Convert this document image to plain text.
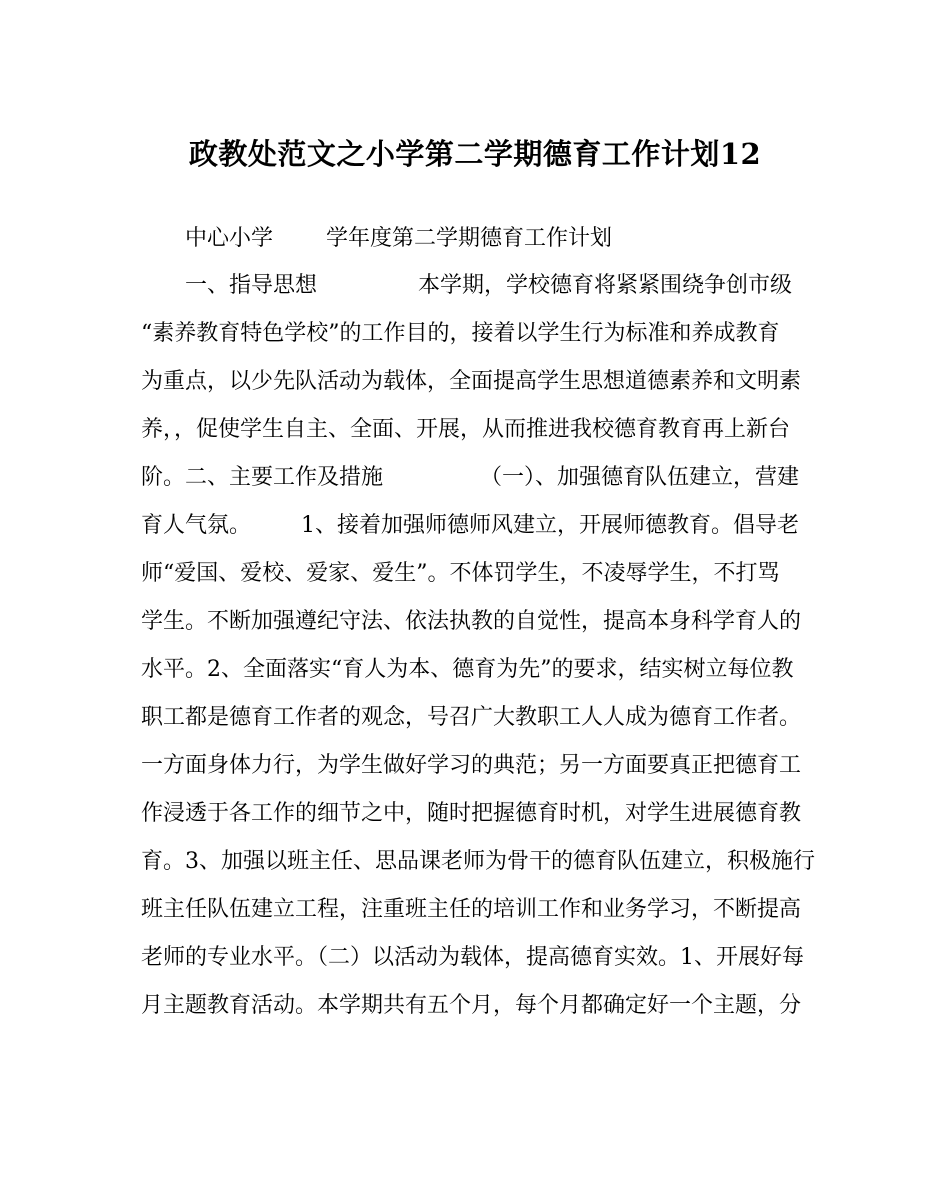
政教处范文之小学第二学期德育工作计划12
中心小学 学年度第二学期德育工作计划
一、指导思想	本学期，学校德育将紧紧围绕争创市级
“素养教育特色学校”的工作目的，接着以学生行为标准和养成教育
为重点，以少先队活动为载体，全面提高学生思想道德素养和文明素
养，，促使学生自主、全面、开展，从而推进我校德育教育再上新台
阶。二、主要工作及措施	（一）、加强德育队伍建立，营建
育人气氛。 1、接着加强师德师风建立，开展师德教育。倡导老
师“爱国、爱校、爱家、爱生”。不体罚学生，不凌辱学生，不打骂
学生。不断加强遵纪守法、依法执教的自觉性，提高本身科学育人的
水平。2、全面落实“育人为本、德育为先”的要求，结实树立每位教
职工都是德育工作者的观念，号召广大教职工人人成为德育工作者。
一方面身体力行，为学生做好学习的典范；另一方面要真正把德育工
作浸透于各工作的细节之中，随时把握德育时机，对学生进展德育教
育。3、加强以班主任、思品课老师为骨干的德育队伍建立，积极施行
班主任队伍建立工程，注重班主任的培训工作和业务学习，不断提高
老师的专业水平。（二）以活动为载体，提高德育实效。1、开展好每
月主题教育活动。本学期共有五个月，每个月都确定好一个主题，分
